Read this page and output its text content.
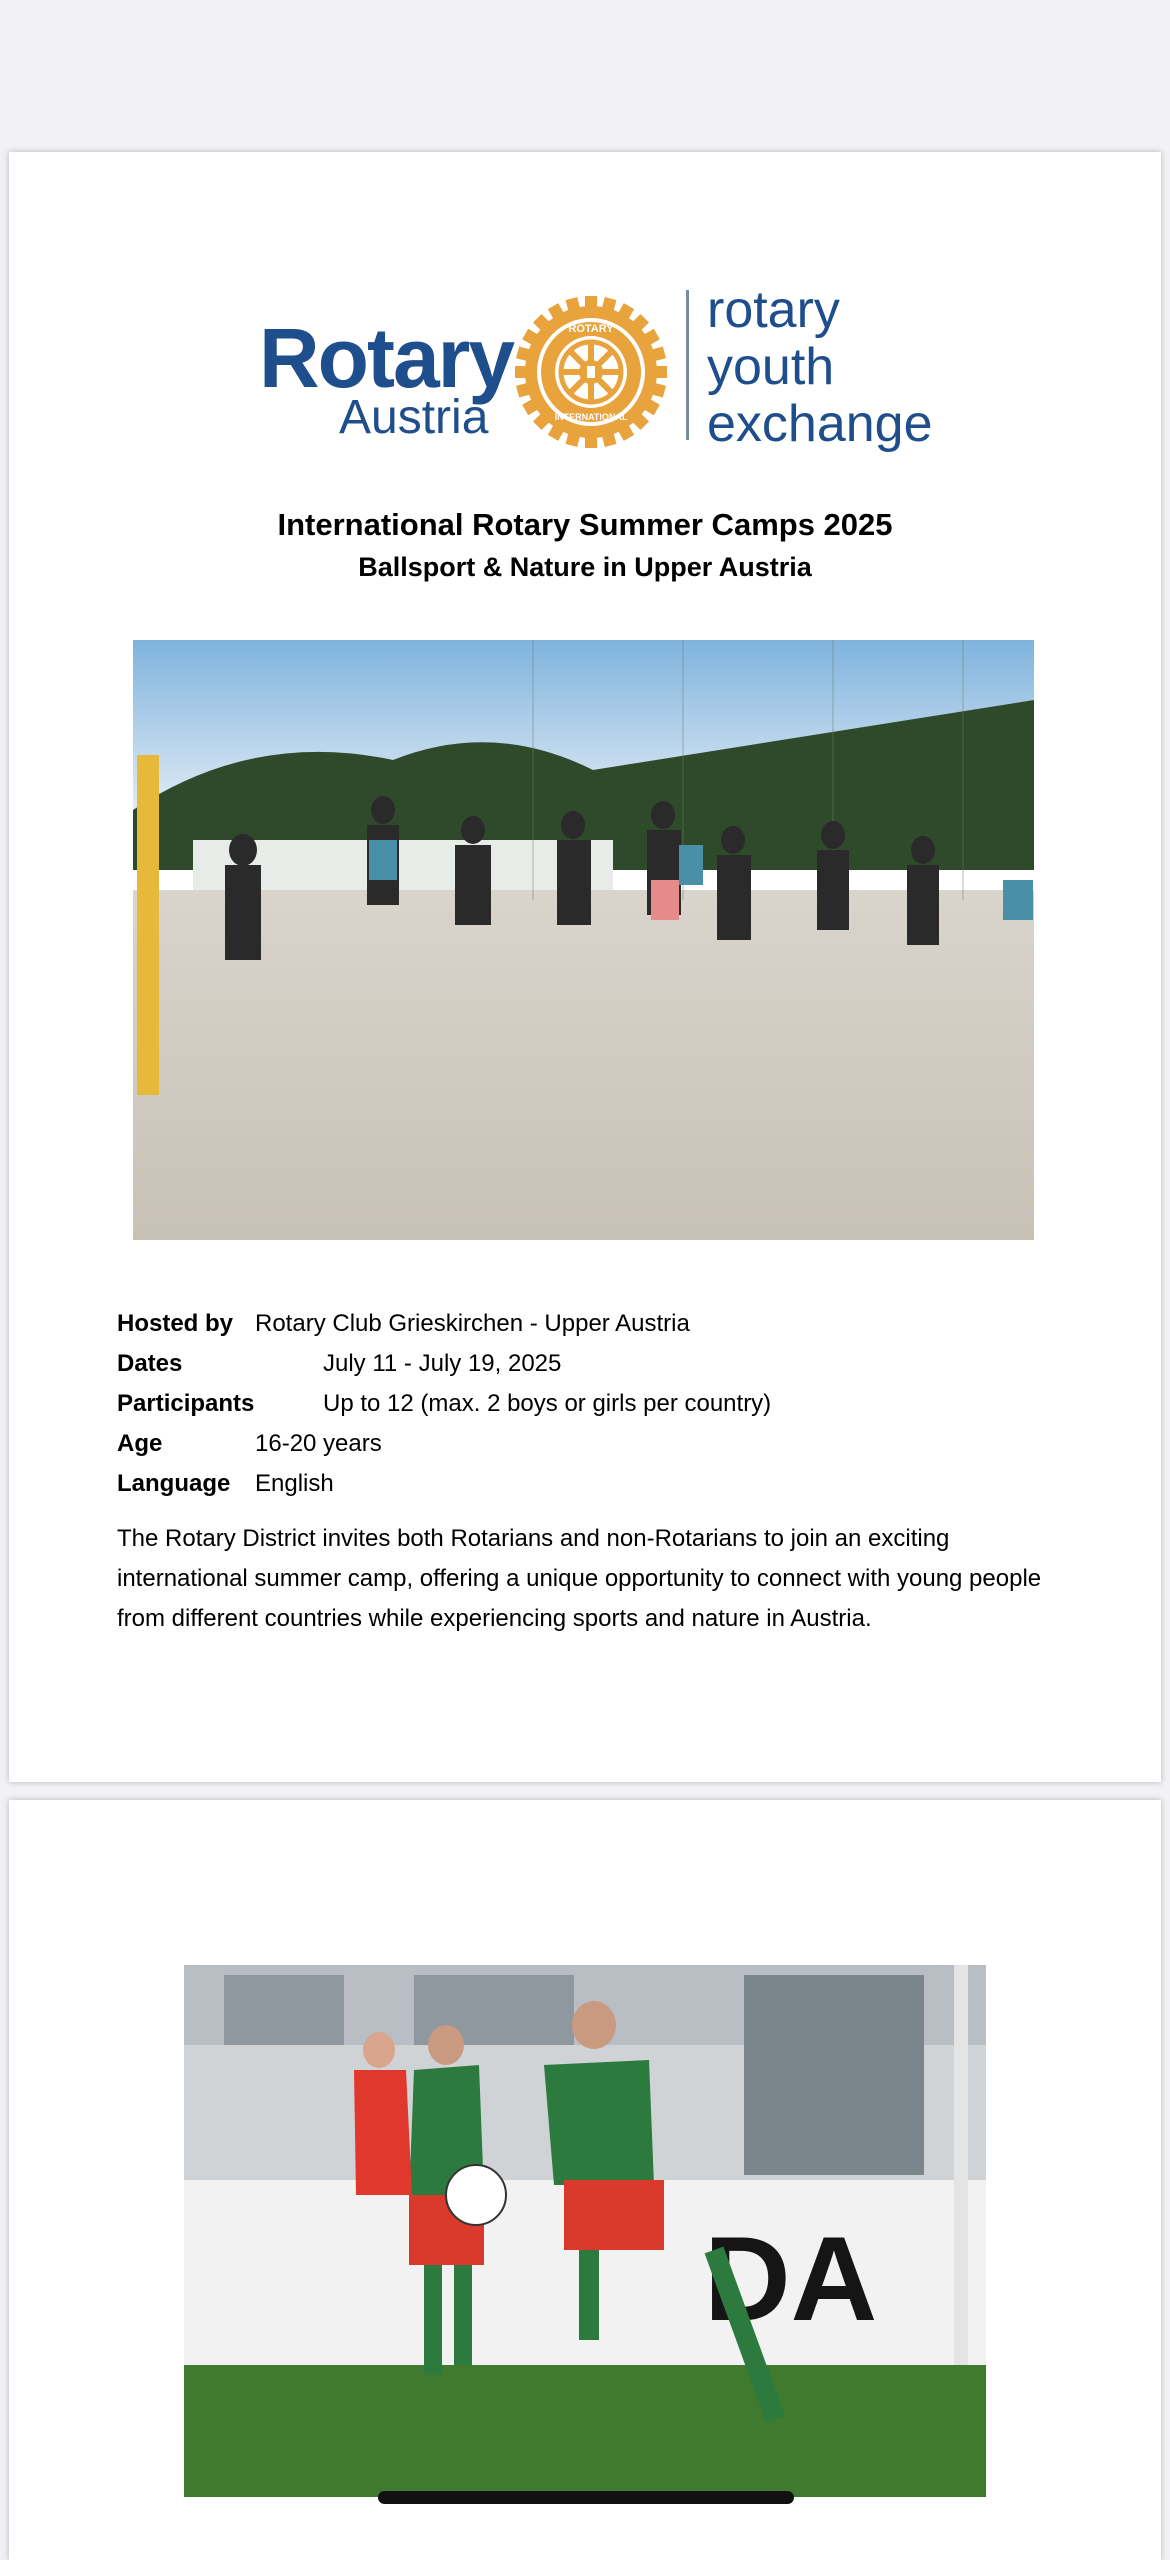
Rotary
Austria
ROTARY
INTERNATIONAL
rotary
youth
exchange
International Rotary Summer Camps 2025
Ballsport & Nature in Upper Austria
Hosted by Rotary Club Grieskirchen - Upper Austria
Dates	July 11 - July 19, 2025
Participants	Up to 12 (max. 2 boys or girls per country)
Age	16-20 years
Language English
The Rotary District invites both Rotarians and non-Rotarians to join an exciting international summer camp, offering a unique opportunity to connect with young people from different countries while experiencing sports and nature in Austria.
DA
